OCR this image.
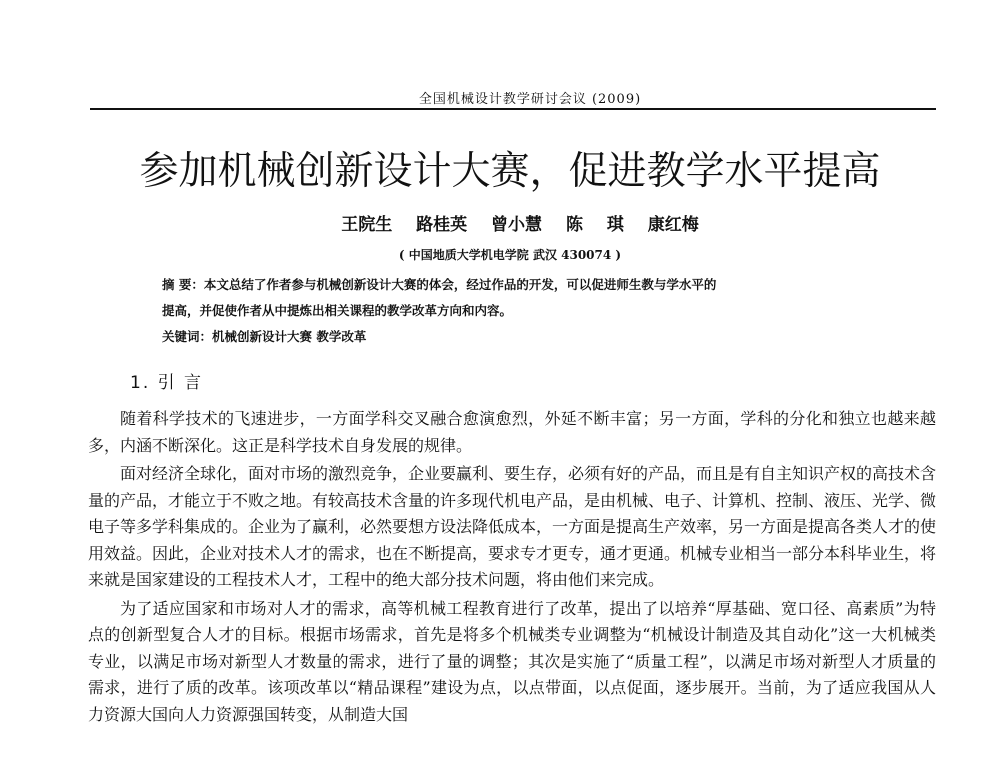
全国机械设计教学研讨会议 (2009)
参加机械创新设计大赛，促进教学水平提高
王院生 路桂英 曾小慧 陈 琪 康红梅
( 中国地质大学机电学院 武汉 430074 )

摘 要：本文总结了作者参与机械创新设计大赛的体会，经过作品的开发，可以促进师生教与学水平的

提高，并促使作者从中提炼出相关课程的教学改革方向和内容。

关键词：机械创新设计大赛 教学改革
1. 引 言

随着科学技术的飞速进步，一方面学科交叉融合愈演愈烈，外延不断丰富；另一方面，学科的分化和独立也越来越多，内涵不断深化。这正是科学技术自身发展的规律。

面对经济全球化，面对市场的激烈竞争，企业要赢利、要生存，必须有好的产品，而且是有自主知识产权的高技术含量的产品，才能立于不败之地。有较高技术含量的许多现代机电产品，是由机械、电子、计算机、控制、液压、光学、微电子等多学科集成的。企业为了赢利，必然要想方设法降低成本，一方面是提高生产效率，另一方面是提高各类人才的使用效益。因此，企业对技术人才的需求，也在不断提高，要求专才更专，通才更通。机械专业相当一部分本科毕业生，将来就是国家建设的工程技术人才，工程中的绝大部分技术问题，将由他们来完成。

为了适应国家和市场对人才的需求，高等机械工程教育进行了改革，提出了以培养“厚基础、宽口径、高素质”为特点的创新型复合人才的目标。根据市场需求，首先是将多个机械类专业调整为“机械设计制造及其自动化”这一大机械类专业，以满足市场对新型人才数量的需求，进行了量的调整；其次是实施了“质量工程”，以满足市场对新型人才质量的需求，进行了质的改革。该项改革以“精品课程”建设为点，以点带面，以点促面，逐步展开。当前，为了适应我国从人力资源大国向人力资源强国转变，从制造大国
